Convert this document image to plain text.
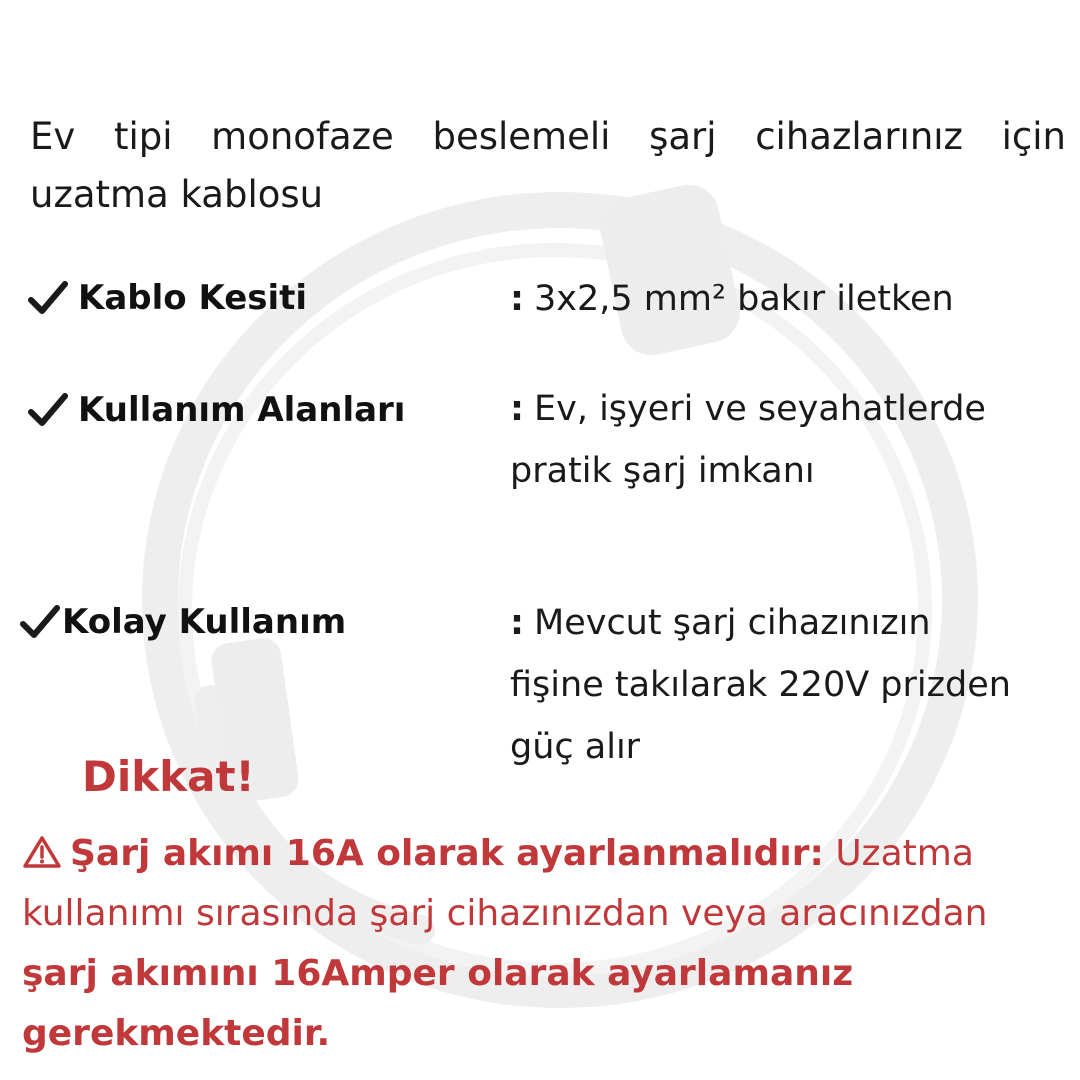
Ev tipi monofaze beslemeli şarj cihazlarınız için
uzatma kablosu

Kablo Kesiti	: 3x2,5 mm² bakır iletken

Kullanım Alanları	: Ev, işyeri ve seyahatlerde pratik şarj imkanı

Kolay Kullanım	: Mevcut şarj cihazınızın fişine takılarak 220V prizden güç alır

Dikkat!

Şarj akımı 16A olarak ayarlanmalıdır: Uzatma kullanımı sırasında şarj cihazınızdan veya aracınızdan şarj akımını 16Amper olarak ayarlamanız gerekmektedir.
